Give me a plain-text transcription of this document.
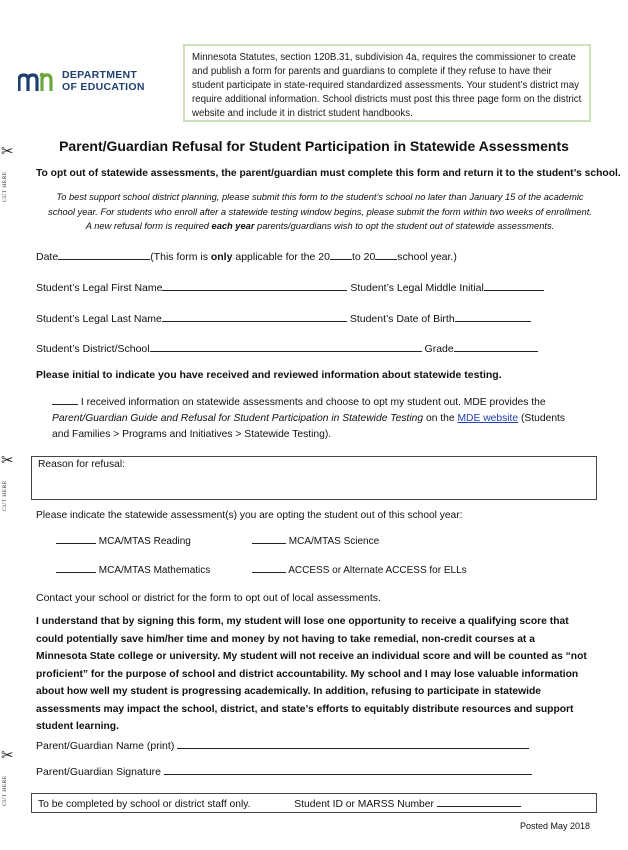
DEPARTMENT
OF EDUCATION
Minnesota Statutes, section 120B.31, subdivision 4a, requires the commissioner to create and publish a form for parents and guardians to complete if they refuse to have their student participate in state-required standardized assessments. Your student’s district may require additional information. School districts must post this three page form on the district website and include it in district student handbooks.
✂
CUT HERE
✂
CUT HERE
✂
CUT HERE
Parent/Guardian Refusal for Student Participation in Statewide Assessments
To opt out of statewide assessments, the parent/guardian must complete this form and return it to the student’s school.
To best support school district planning, please submit this form to the student’s school no later than January 15 of the academic school year. For students who enroll after a statewide testing window begins, please submit the form within two weeks of enrollment. A new refusal form is required each year parents/guardians wish to opt the student out of statewide assessments.
Date	(This form is only applicable for the 20 to 20 school year.)
Student’s Legal First Name	Student’s Legal Middle Initial
Student’s Legal Last Name	Student’s Date of Birth
Student’s District/School	Grade
Please initial to indicate you have received and reviewed information about statewide testing.
I received information on statewide assessments and choose to opt my student out. MDE provides the Parent/Guardian Guide and Refusal for Student Participation in Statewide Testing on the MDE website (Students and Families > Programs and Initiatives > Statewide Testing).
Reason for refusal:
Please indicate the statewide assessment(s) you are opting the student out of this school year:
MCA/MTAS Reading	MCA/MTAS Science
MCA/MTAS Mathematics	ACCESS or Alternate ACCESS for ELLs
Contact your school or district for the form to opt out of local assessments.
I understand that by signing this form, my student will lose one opportunity to receive a qualifying score that could potentially save him/her time and money by not having to take remedial, non-credit courses at a Minnesota State college or university. My student will not receive an individual score and will be counted as “not proficient” for the purpose of school and district accountability. My school and I may lose valuable information about how well my student is progressing academically. In addition, refusing to participate in statewide assessments may impact the school, district, and state’s efforts to equitably distribute resources and support student learning.
Parent/Guardian Name (print)
Parent/Guardian Signature
To be completed by school or district staff only.	Student ID or MARSS Number
Posted May 2018
